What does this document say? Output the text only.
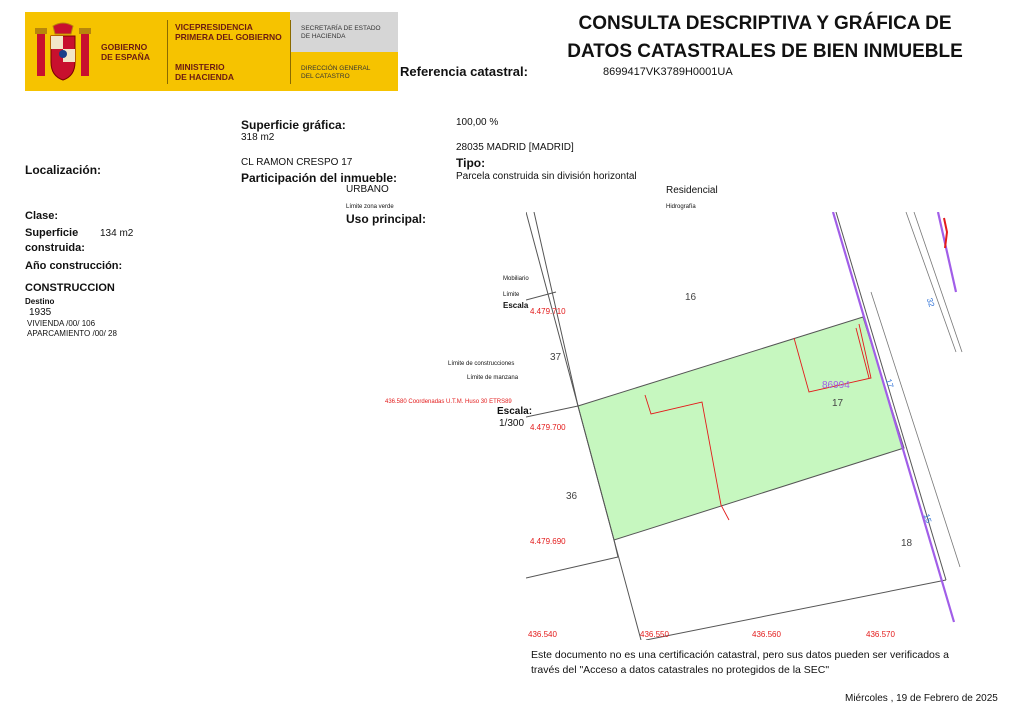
GOBIERNO
DE ESPAÑA
VICEPRESIDENCIA
PRIMERA DEL GOBIERNO
MINISTERIO
DE HACIENDA
SECRETARÍA DE ESTADO
DE HACIENDA
DIRECCIÓN GENERAL
DEL CATASTRO
CONSULTA DESCRIPTIVA Y GRÁFICA DE
DATOS CATASTRALES DE BIEN INMUEBLE
Referencia catastral:	8699417VK3789H0001UA
Superficie gráfica:
318 m2
100,00 %
Localización:
CL RAMON CRESPO 17
28035 MADRID [MADRID]
Participación del inmueble:
Tipo:
Parcela construida sin división horizontal
URBANO	Residencial
Límite zona verde	Hidrografía
Uso principal:
Clase:
Superficie
construida:
134 m2
Año construcción:
CONSTRUCCION
Destino
1935
VIVIENDA /00/ 106
APARCAMIENTO /00/ 28
Mobiliario
Límite
Escala
Límite de construcciones
Límite de manzana
436.580 Coordenadas U.T.M. Huso 30 ETRS89
Escala:
1/300
4.479.710
4.479.700
4.479.690
436.540	436.550	436.560	436.570
86994
17
16
37
36
18
32
17
15
Este documento no es una certificación catastral, pero sus datos pueden ser verificados a través del "Acceso a datos catastrales no protegidos de la SEC"
Miércoles , 19 de Febrero de 2025
